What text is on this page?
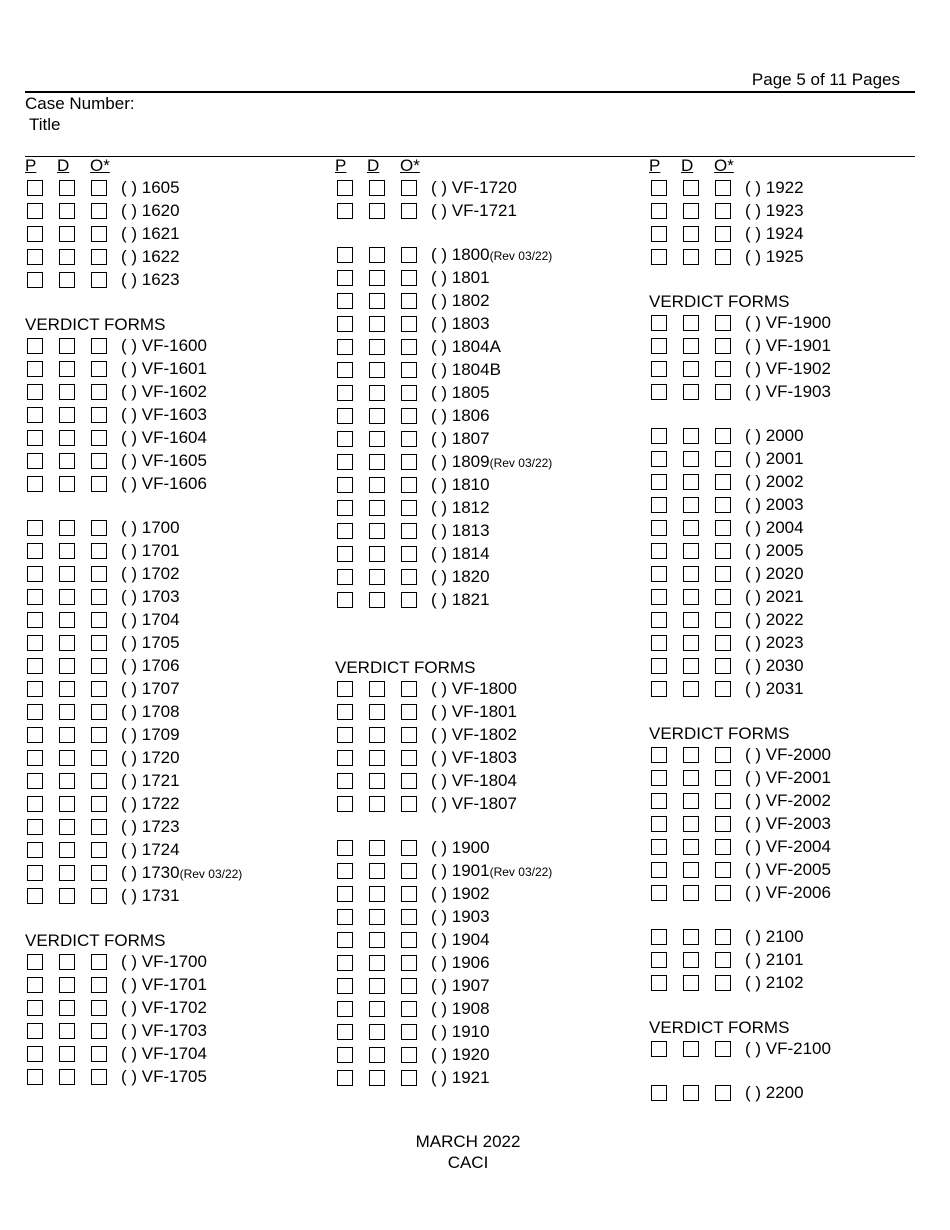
Page 5 of 11 Pages
Case Number:
Title
P D O*
( ) 1605
( ) 1620
( ) 1621
( ) 1622
( ) 1623
VERDICT FORMS
( ) VF-1600
( ) VF-1601
( ) VF-1602
( ) VF-1603
( ) VF-1604
( ) VF-1605
( ) VF-1606
( ) 1700
( ) 1701
( ) 1702
( ) 1703
( ) 1704
( ) 1705
( ) 1706
( ) 1707
( ) 1708
( ) 1709
( ) 1720
( ) 1721
( ) 1722
( ) 1723
( ) 1724
( ) 1730(Rev 03/22)
( ) 1731
VERDICT FORMS
( ) VF-1700
( ) VF-1701
( ) VF-1702
( ) VF-1703
( ) VF-1704
( ) VF-1705
P D O*
( ) VF-1720
( ) VF-1721
( ) 1800(Rev 03/22)
( ) 1801
( ) 1802
( ) 1803
( ) 1804A
( ) 1804B
( ) 1805
( ) 1806
( ) 1807
( ) 1809(Rev 03/22)
( ) 1810
( ) 1812
( ) 1813
( ) 1814
( ) 1820
( ) 1821
VERDICT FORMS
( ) VF-1800
( ) VF-1801
( ) VF-1802
( ) VF-1803
( ) VF-1804
( ) VF-1807
( ) 1900
( ) 1901(Rev 03/22)
( ) 1902
( ) 1903
( ) 1904
( ) 1906
( ) 1907
( ) 1908
( ) 1910
( ) 1920
( ) 1921
P D O*
( ) 1922
( ) 1923
( ) 1924
( ) 1925
VERDICT FORMS
( ) VF-1900
( ) VF-1901
( ) VF-1902
( ) VF-1903
( ) 2000
( ) 2001
( ) 2002
( ) 2003
( ) 2004
( ) 2005
( ) 2020
( ) 2021
( ) 2022
( ) 2023
( ) 2030
( ) 2031
VERDICT FORMS
( ) VF-2000
( ) VF-2001
( ) VF-2002
( ) VF-2003
( ) VF-2004
( ) VF-2005
( ) VF-2006
( ) 2100
( ) 2101
( ) 2102
VERDICT FORMS
( ) VF-2100
( ) 2200
MARCH 2022
CACI
